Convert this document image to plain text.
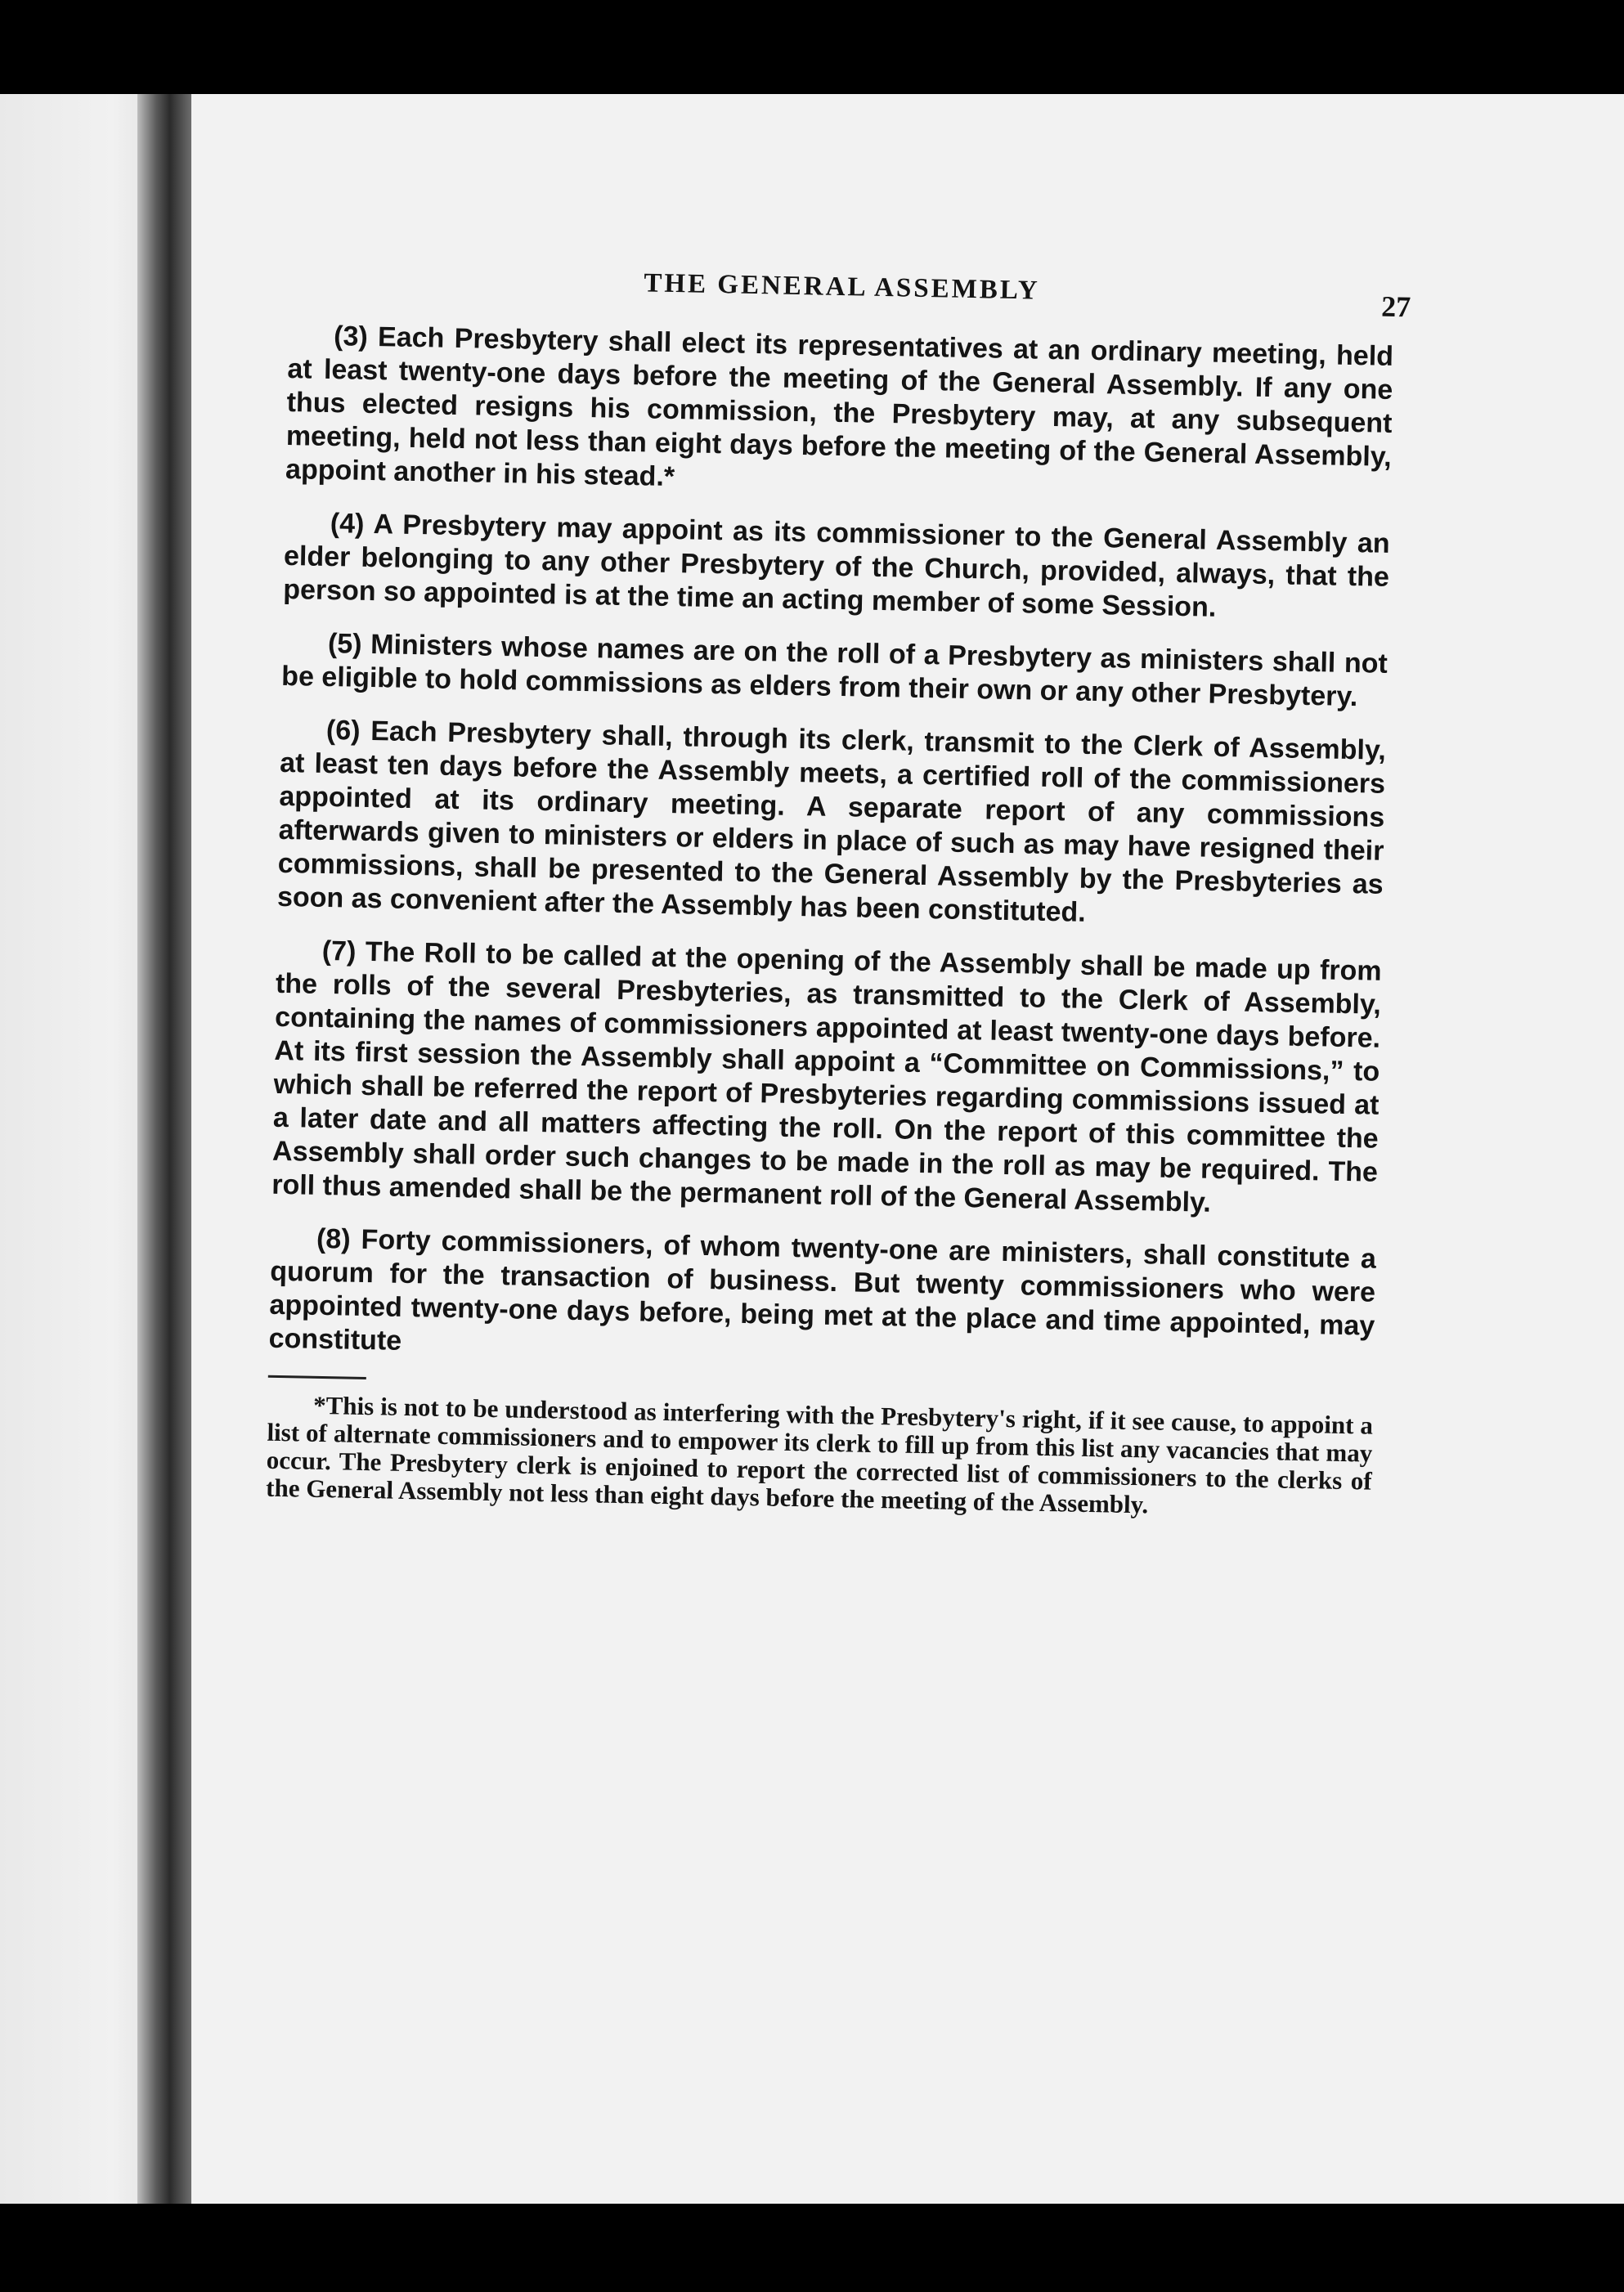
THE GENERAL ASSEMBLY
27

(3) Each Presbytery shall elect its representatives at an ordinary meeting, held at least twenty-one days before the meeting of the General Assembly. If any one thus elected resigns his commission, the Presbytery may, at any subsequent meeting, held not less than eight days before the meeting of the General Assembly, appoint another in his stead.*

(4) A Presbytery may appoint as its commissioner to the General Assembly an elder belonging to any other Presbytery of the Church, provided, always, that the person so appointed is at the time an acting member of some Session.

(5) Ministers whose names are on the roll of a Presbytery as ministers shall not be eligible to hold commissions as elders from their own or any other Presbytery.

(6) Each Presbytery shall, through its clerk, transmit to the Clerk of Assembly, at least ten days before the Assembly meets, a certified roll of the commissioners appointed at its ordinary meeting. A separate report of any commissions afterwards given to ministers or elders in place of such as may have resigned their commissions, shall be presented to the General Assembly by the Presbyteries as soon as convenient after the Assembly has been constituted.

(7) The Roll to be called at the opening of the Assembly shall be made up from the rolls of the several Presbyteries, as transmitted to the Clerk of Assembly, containing the names of commissioners appointed at least twenty-one days before. At its first session the Assembly shall appoint a “Committee on Commissions,” to which shall be referred the report of Presbyteries regarding commissions issued at a later date and all matters affecting the roll. On the report of this committee the Assembly shall order such changes to be made in the roll as may be required. The roll thus amended shall be the permanent roll of the General Assembly.

(8) Forty commissioners, of whom twenty-one are ministers, shall constitute a quorum for the transaction of business. But twenty commissioners who were appointed twenty-one days before, being met at the place and time appointed, may constitute

*This is not to be understood as interfering with the Presbytery's right, if it see cause, to appoint a list of alternate commissioners and to empower its clerk to fill up from this list any vacancies that may occur. The Presbytery clerk is enjoined to report the corrected list of commissioners to the clerks of the General Assembly not less than eight days before the meeting of the Assembly.
